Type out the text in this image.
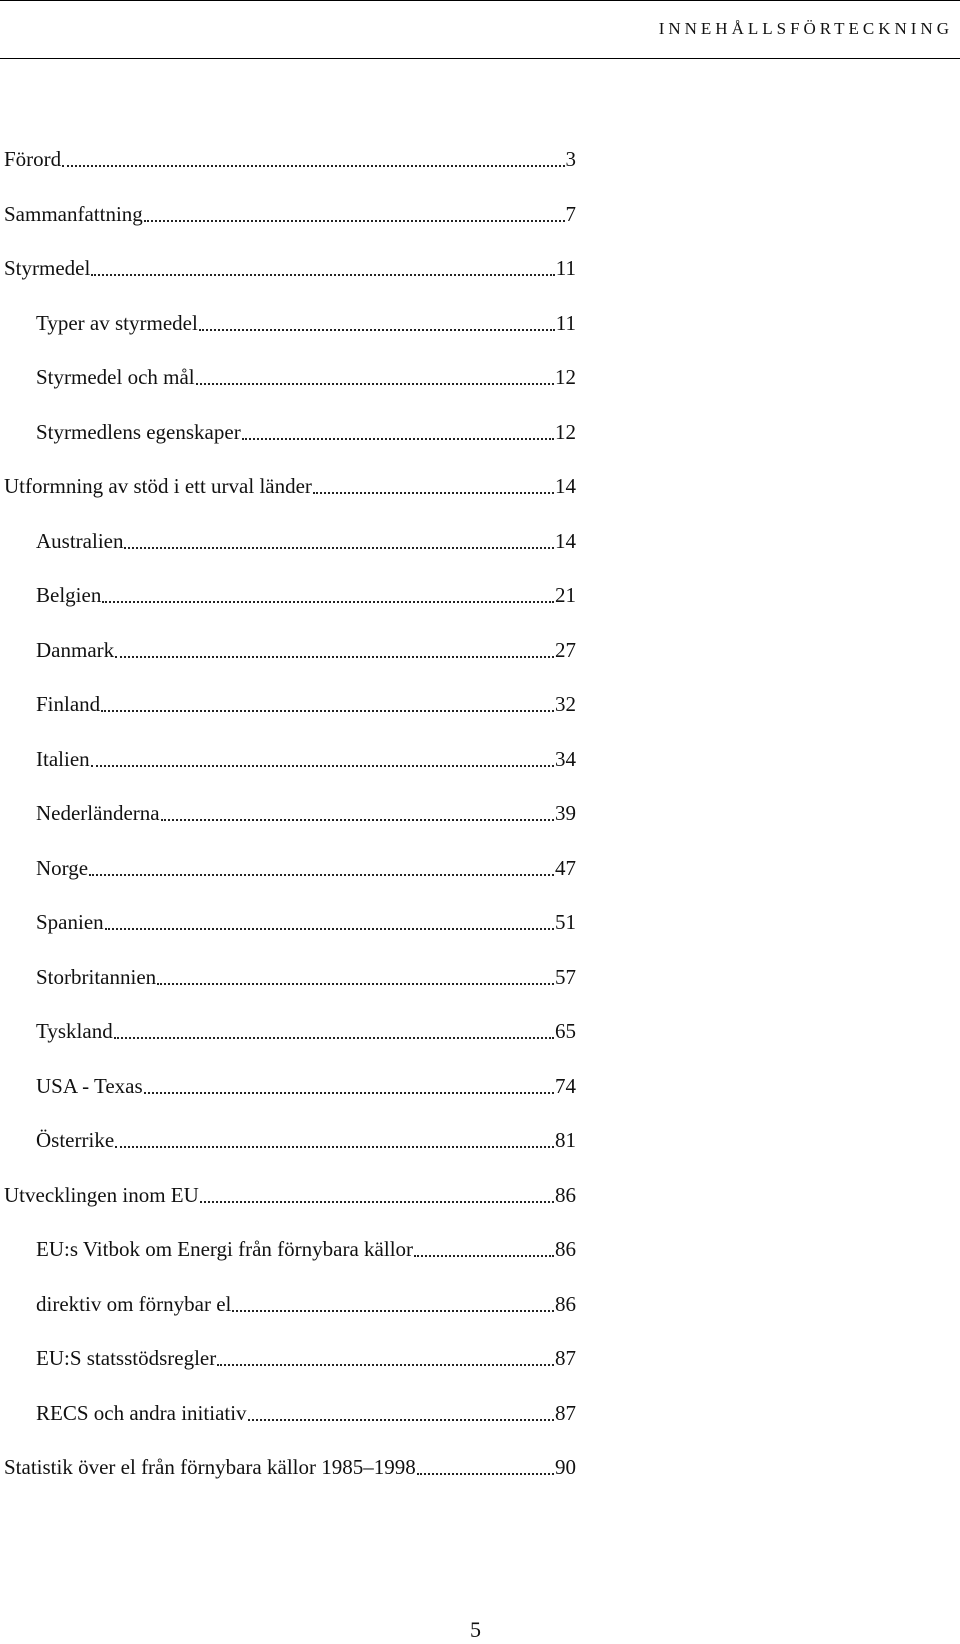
INNEHÅLLSFÖRTECKNING
Förord	3
Sammanfattning	7
Styrmedel	11
Typer av styrmedel	11
Styrmedel och mål	12
Styrmedlens egenskaper	12
Utformning av stöd i ett urval länder	14
Australien	14
Belgien	21
Danmark	27
Finland	32
Italien	34
Nederländerna	39
Norge	47
Spanien	51
Storbritannien	57
Tyskland	65
USA - Texas	74
Österrike	81
Utvecklingen inom EU	86
EU:s Vitbok om Energi från förnybara källor	86
direktiv om förnybar el	86
EU:S statsstödsregler	87
RECS och andra initiativ	87
Statistik över el från förnybara källor 1985–1998	90
5
